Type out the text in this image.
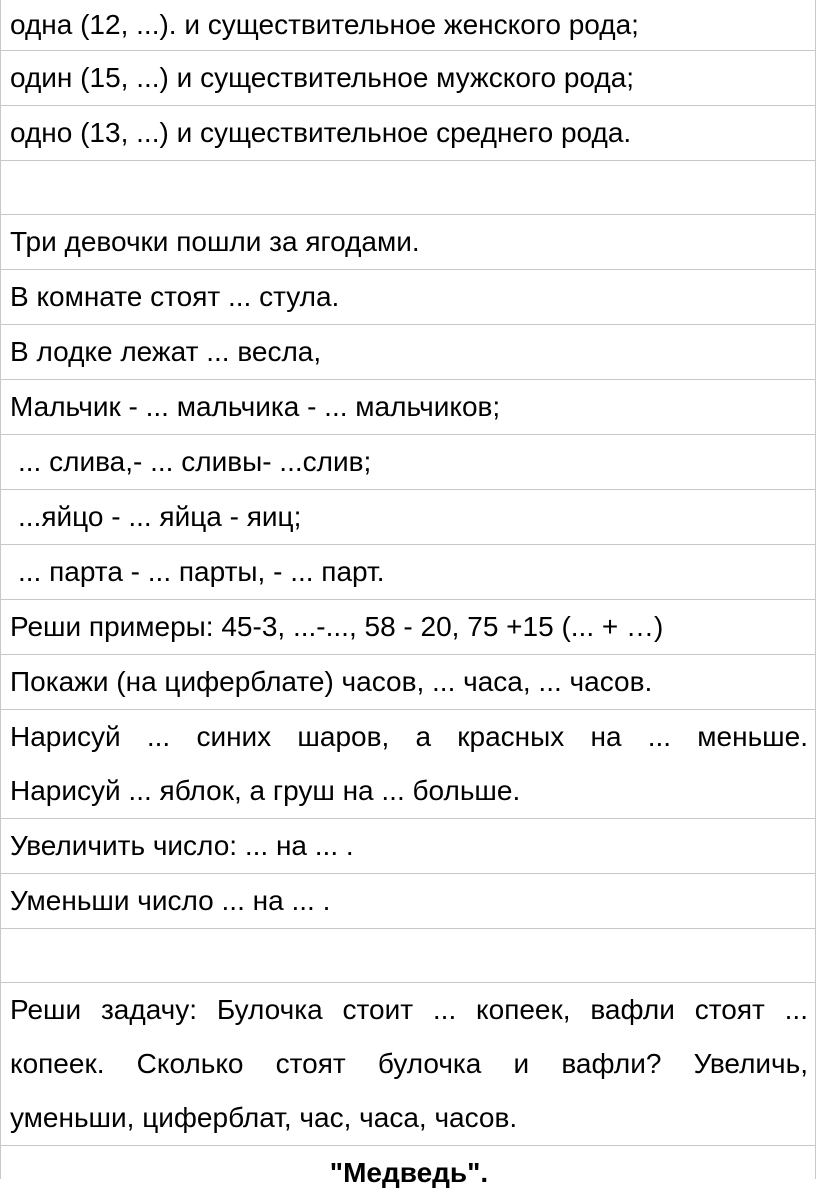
одна (12, ...). и существительное женского рода;
один (15, ...) и существительное мужского рода;
одно (13, ...) и существительное среднего рода.
Три девочки пошли за ягодами.
В комнате стоят ... стула.
В лодке лежат ... весла,
Мальчик - ... мальчика - ... мальчиков;
... слива,- ... сливы- ...слив;
...яйцо - ... яйца - яиц;
... парта - ... парты, - ... парт.
Реши примеры: 45-3, ...-..., 58 - 20, 75 +15 (... + …)
Покажи (на циферблате) часов, ... часа, ... часов.
Нарисуй ... синих шаров, а красных на ... меньше.
Нарисуй ... яблок, а груш на ... больше.
Увеличить число: ... на ... .
Уменьши число ... на ... .
Реши задачу: Булочка стоит ... копеек, вафли стоят ...
копеек. Сколько стоят булочка и вафли? Увеличь,
уменьши, циферблат, час, часа, часов.
"Медведь".
